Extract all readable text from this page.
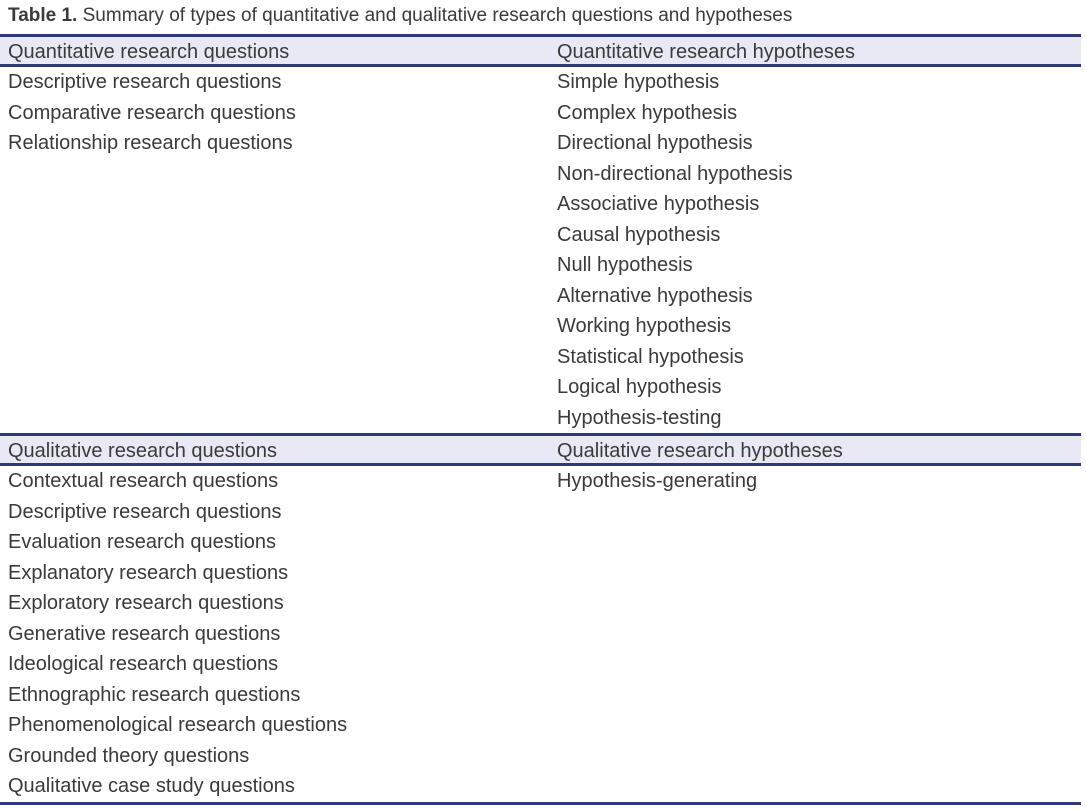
Table 1. Summary of types of quantitative and qualitative research questions and hypotheses
Quantitative research questions	Quantitative research hypotheses
Descriptive research questions
Comparative research questions
Relationship research questions
Simple hypothesis
Complex hypothesis
Directional hypothesis
Non-directional hypothesis
Associative hypothesis
Causal hypothesis
Null hypothesis
Alternative hypothesis
Working hypothesis
Statistical hypothesis
Logical hypothesis
Hypothesis-testing
Qualitative research questions	Qualitative research hypotheses
Contextual research questions
Descriptive research questions
Evaluation research questions
Explanatory research questions
Exploratory research questions
Generative research questions
Ideological research questions
Ethnographic research questions
Phenomenological research questions
Grounded theory questions
Qualitative case study questions
Hypothesis-generating
